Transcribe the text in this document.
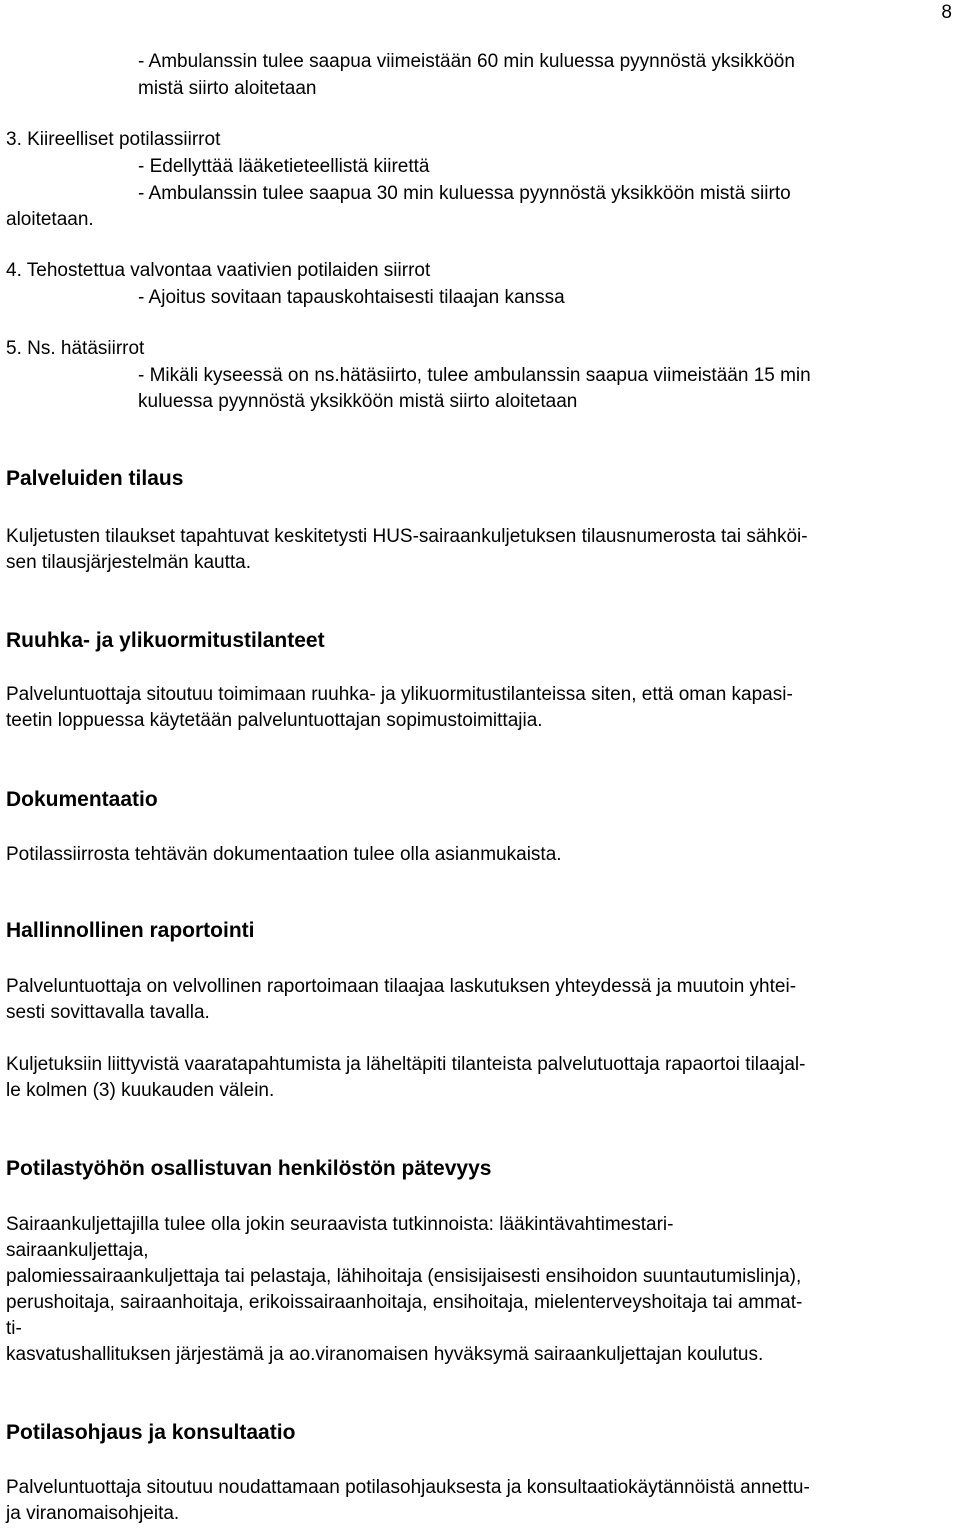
8
- Ambulanssin tulee saapua viimeistään 60 min kuluessa pyynnöstä yksikköön
mistä siirto aloitetaan
3. Kiireelliset potilassiirrot
- Edellyttää lääketieteellistä kiirettä
- Ambulanssin tulee saapua 30 min kuluessa pyynnöstä yksikköön mistä siirto
aloitetaan.
4. Tehostettua valvontaa vaativien potilaiden siirrot
- Ajoitus sovitaan tapauskohtaisesti tilaajan kanssa
5. Ns. hätäsiirrot
- Mikäli kyseessä on ns.hätäsiirto, tulee ambulanssin saapua viimeistään 15 min
kuluessa pyynnöstä yksikköön mistä siirto aloitetaan
Palveluiden tilaus
Kuljetusten tilaukset tapahtuvat keskitetysti HUS-sairaankuljetuksen tilausnumerosta tai sähköi-
sen tilausjärjestelmän kautta.
Ruuhka- ja ylikuormitustilanteet
Palveluntuottaja sitoutuu toimimaan ruuhka- ja ylikuormitustilanteissa siten, että oman kapasi-
teetin loppuessa käytetään palveluntuottajan sopimustoimittajia.
Dokumentaatio
Potilassiirrosta tehtävän dokumentaation tulee olla asianmukaista.
Hallinnollinen raportointi
Palveluntuottaja on velvollinen raportoimaan tilaajaa laskutuksen yhteydessä ja muutoin yhtei-
sesti sovittavalla tavalla.
Kuljetuksiin liittyvistä vaaratapahtumista ja läheltäpiti tilanteista palvelutuottaja rapaortoi tilaajal-
le kolmen (3) kuukauden välein.
Potilastyöhön osallistuvan henkilöstön pätevyys
Sairaankuljettajilla tulee olla jokin seuraavista tutkinnoista: lääkintävahtimestari-
sairaankuljettaja,
palomiessairaankuljettaja tai pelastaja, lähihoitaja (ensisijaisesti ensihoidon suuntautumislinja),
perushoitaja, sairaanhoitaja, erikoissairaanhoitaja, ensihoitaja, mielenterveyshoitaja tai ammat-
ti-
kasvatushallituksen järjestämä ja ao.viranomaisen hyväksymä sairaankuljettajan koulutus.
Potilasohjaus ja konsultaatio
Palveluntuottaja sitoutuu noudattamaan potilasohjauksesta ja konsultaatiokäytännöistä annettu-
ja viranomaisohjeita.
